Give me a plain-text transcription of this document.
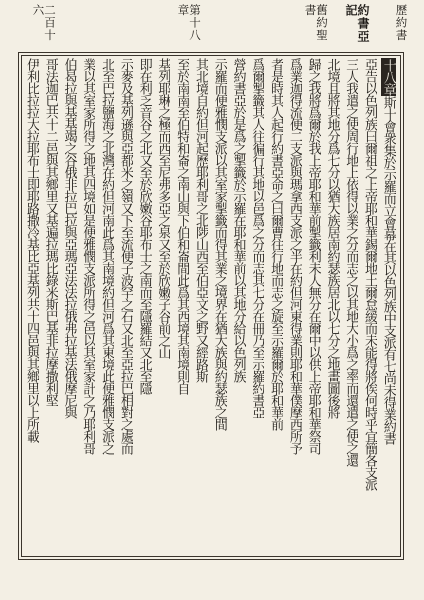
歷約書
約書亞記
舊約聖書
第十八章
二百十六
十八章斯十會衆集於示羅而立會幕在其以色列族中支派有七尚未得業約書
亞告以色列族曰爾祖之上帝耶和華錫爾地土爾怠緩而未能得將俟何時乎宜簡各支派
三人我遣之使周行地上依得以業之分而志之以其地大小爲之率而還遣之使之還
北境且將其地分爲七分以猶大族居南約瑟族居北以七分之地畫圖後將
歸之我將爲爾於我上帝耶和華前掣籤利未人無分在爾中以供上帝耶和華祭司
爲業迦得流便二支派與瑪拿西支派之半在約但河東得業則耶和華僕摩西所予
者是時其人起行約書亞命之曰爾曹往行地而志之旋至示羅爾於耶和華前
爲爾掣籤其人往徧行其地以邑爲之分而志其七分在冊乃至示羅約書亞
營約書亞於是爲之掣籤於示羅在耶和華前以其地分給以色列族
示羅而便雅憫支派以其室家掣籤而得其業之境界在猶大族與約瑟族之間
其北境自約但河起歷耶利哥之北陟山西至伯亞文之野又經路斯
至於南南至伯特和崙之南山與下伯和崙間此爲其西境其南境則自
基列耶琳之極而西至尼弗多亞之泉又至於欣嫩子谷前之山
即在利乏音谷之北又至於欣嫩谷耶布士之南而至隱羅結又北至隱
示麥及基列遜與亞都米之嶺又下至流便子波罕之石又北至亞拉巴相對之處而
北至巴拉鹽海之北灣在約但河南此爲其南境約但河爲其東境此便雅憫支派之
業以其室家所得之地其四境如是便雅憫支派所得之邑以其室家計之乃耶利哥
伯曷拉與基基竭之谷俄非拉巴拉與亞瑪亞法法拉俄弗拉基法俄摩尼與
哥法迦巴共十二邑與其鄉里又基遍拉瑪比錄米斯巴基非拉摩撒利堅
伊利比拉拉大拉耶布士即耶路撒冷基比亞基列共十四邑與其鄉里以上所載
